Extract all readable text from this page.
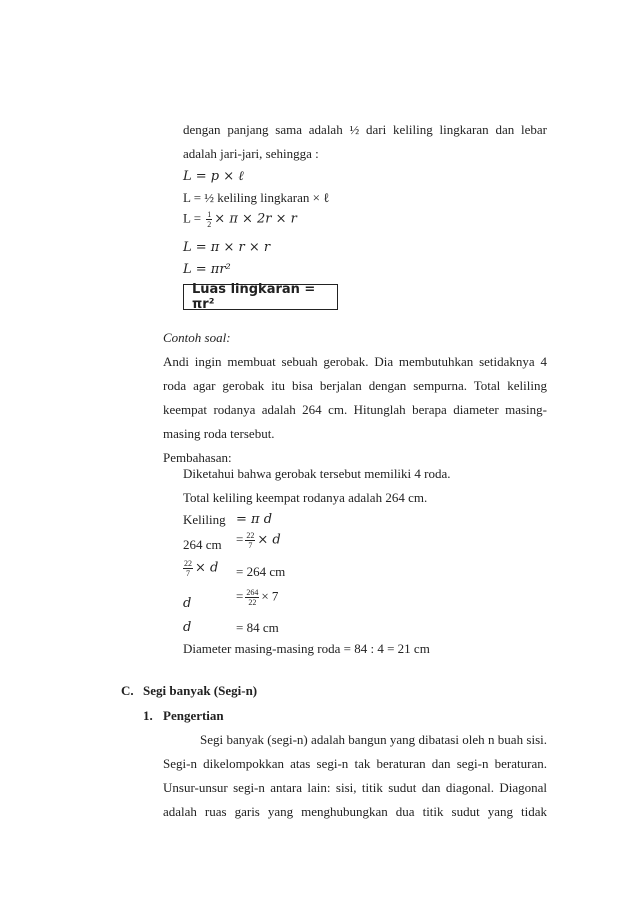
dengan panjang sama adalah ½ dari keliling lingkaran dan lebar
adalah jari-jari, sehingga :
L = p × ℓ
L = ½ keliling lingkaran × ℓ
$L = \frac{1}{2} \times \pi \times 2r \times r$
L = π × r × r
L = πr²
Luas lingkaran = πr²
Contoh soal:
Andi ingin membuat sebuah gerobak. Dia membutuhkan setidaknya 4
roda agar gerobak itu bisa berjalan dengan sempurna. Total keliling
keempat rodanya adalah 264 cm. Hitunglah berapa diameter masing-
masing roda tersebut.
Pembahasan:
Diketahui bahwa gerobak tersebut memiliki 4 roda.
Total keliling keempat rodanya adalah 264 cm.
Keliling = π d
264 cm = $\frac{22}{7} \times d$
$\frac{22}{7} \times d = 264$ cm
d
= $\frac{264}{22} \times 7$
d	= 84 cm
Diameter masing-masing roda = 84 : 4 = 21 cm
C. Segi banyak (Segi-n)
1. Pengertian
Segi banyak (segi-n) adalah bangun yang dibatasi oleh n buah sisi.
Segi-n dikelompokkan atas segi-n tak beraturan dan segi-n beraturan.
Unsur-unsur segi-n antara lain: sisi, titik sudut dan diagonal. Diagonal
adalah ruas garis yang menghubungkan dua titik sudut yang tidak
